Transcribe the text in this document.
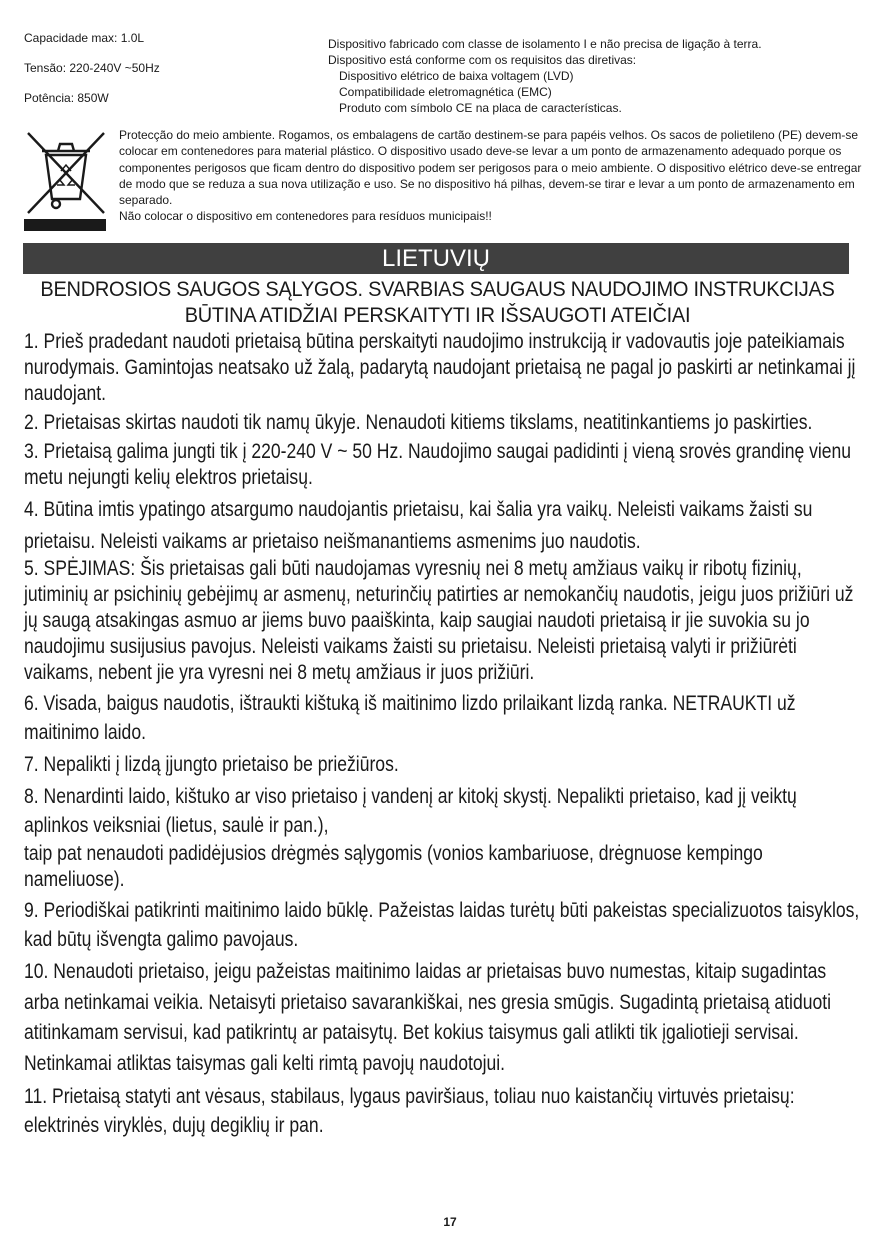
Capacidade max: 1.0L

Tensão: 220-240V ~50Hz

Potência: 850W

Dispositivo fabricado com classe de isolamento I e não precisa de ligação à terra.
Dispositivo está conforme com os requisitos das diretivas:
Dispositivo elétrico de baixa voltagem (LVD)
Compatibilidade eletromagnética (EMC)
Produto com símbolo CE na placa de características.
Protecção do meio ambiente. Rogamos, os embalagens de cartão destinem-se para papéis velhos. Os sacos de polietileno (PE) devem-se colocar em contenedores para material plástico. O dispositivo usado deve-se levar a um ponto de armazenamento adequado porque os componentes perigosos que ficam dentro do dispositivo podem ser perigosos para o meio ambiente. O dispositivo elétrico deve-se entregar de modo que se reduza a sua nova utilização e uso. Se no dispositivo há pilhas, devem-se tirar e levar a um ponto de armazenamento em separado.
Não colocar o dispositivo em contenedores para resíduos municipais!!
LIETUVIŲ
BENDROSIOS SAUGOS SĄLYGOS. SVARBIAS SAUGAUS NAUDOJIMO INSTRUKCIJAS
BŪTINA ATIDŽIAI PERSKAITYTI IR IŠSAUGOTI ATEIČIAI

1. Prieš pradedant naudoti prietaisą būtina perskaityti naudojimo instrukciją ir vadovautis joje pateikiamais nurodymais. Gamintojas neatsako už žalą, padarytą naudojant prietaisą ne pagal jo paskirti ar netinkamai jį naudojant.

2. Prietaisas skirtas naudoti tik namų ūkyje. Nenaudoti kitiems tikslams, neatitinkantiems jo paskirties.

3. Prietaisą galima jungti tik į 220-240 V ~ 50 Hz. Naudojimo saugai padidinti į vieną srovės grandinę vienu metu nejungti kelių elektros prietaisų.

4. Būtina imtis ypatingo atsargumo naudojantis prietaisu, kai šalia yra vaikų. Neleisti vaikams žaisti su prietaisu. Neleisti vaikams ar prietaiso neišmanantiems asmenims juo naudotis.

5. SPĖJIMAS: Šis prietaisas gali būti naudojamas vyresnių nei 8 metų amžiaus vaikų ir ribotų fizinių, jutiminių ar psichinių gebėjimų ar asmenų, neturinčių patirties ar nemokančių naudotis, jeigu juos prižiūri už jų saugą atsakingas asmuo ar jiems buvo paaiškinta, kaip saugiai naudoti prietaisą ir jie suvokia su jo naudojimu susijusius pavojus. Neleisti vaikams žaisti su prietaisu. Neleisti prietaisą valyti ir prižiūrėti vaikams, nebent jie yra vyresni nei 8 metų amžiaus ir juos prižiūri.

6. Visada, baigus naudotis, ištraukti kištuką iš maitinimo lizdo prilaikant lizdą ranka. NETRAUKTI už maitinimo laido.

7. Nepalikti į lizdą įjungto prietaiso be priežiūros.

8. Nenardinti laido, kištuko ar viso prietaiso į vandenį ar kitokį skystį. Nepalikti prietaiso, kad jį veiktų aplinkos veiksniai (lietus, saulė ir pan.),

taip pat nenaudoti padidėjusios drėgmės sąlygomis (vonios kambariuose, drėgnuose kempingo nameliuose).

9. Periodiškai patikrinti maitinimo laido būklę. Pažeistas laidas turėtų būti pakeistas specializuotos taisyklos, kad būtų išvengta galimo pavojaus.

10. Nenaudoti prietaiso, jeigu pažeistas maitinimo laidas ar prietaisas buvo numestas, kitaip sugadintas arba netinkamai veikia. Netaisyti prietaiso savarankiškai, nes gresia smūgis. Sugadintą prietaisą atiduoti atitinkamam servisui, kad patikrintų ar pataisytų. Bet kokius taisymus gali atlikti tik įgaliotieji servisai. Netinkamai atliktas taisymas gali kelti rimtą pavojų naudotojui.

11. Prietaisą statyti ant vėsaus, stabilaus, lygaus paviršiaus, toliau nuo kaistančių virtuvės prietaisų: elektrinės viryklės, dujų degiklių ir pan.

17
